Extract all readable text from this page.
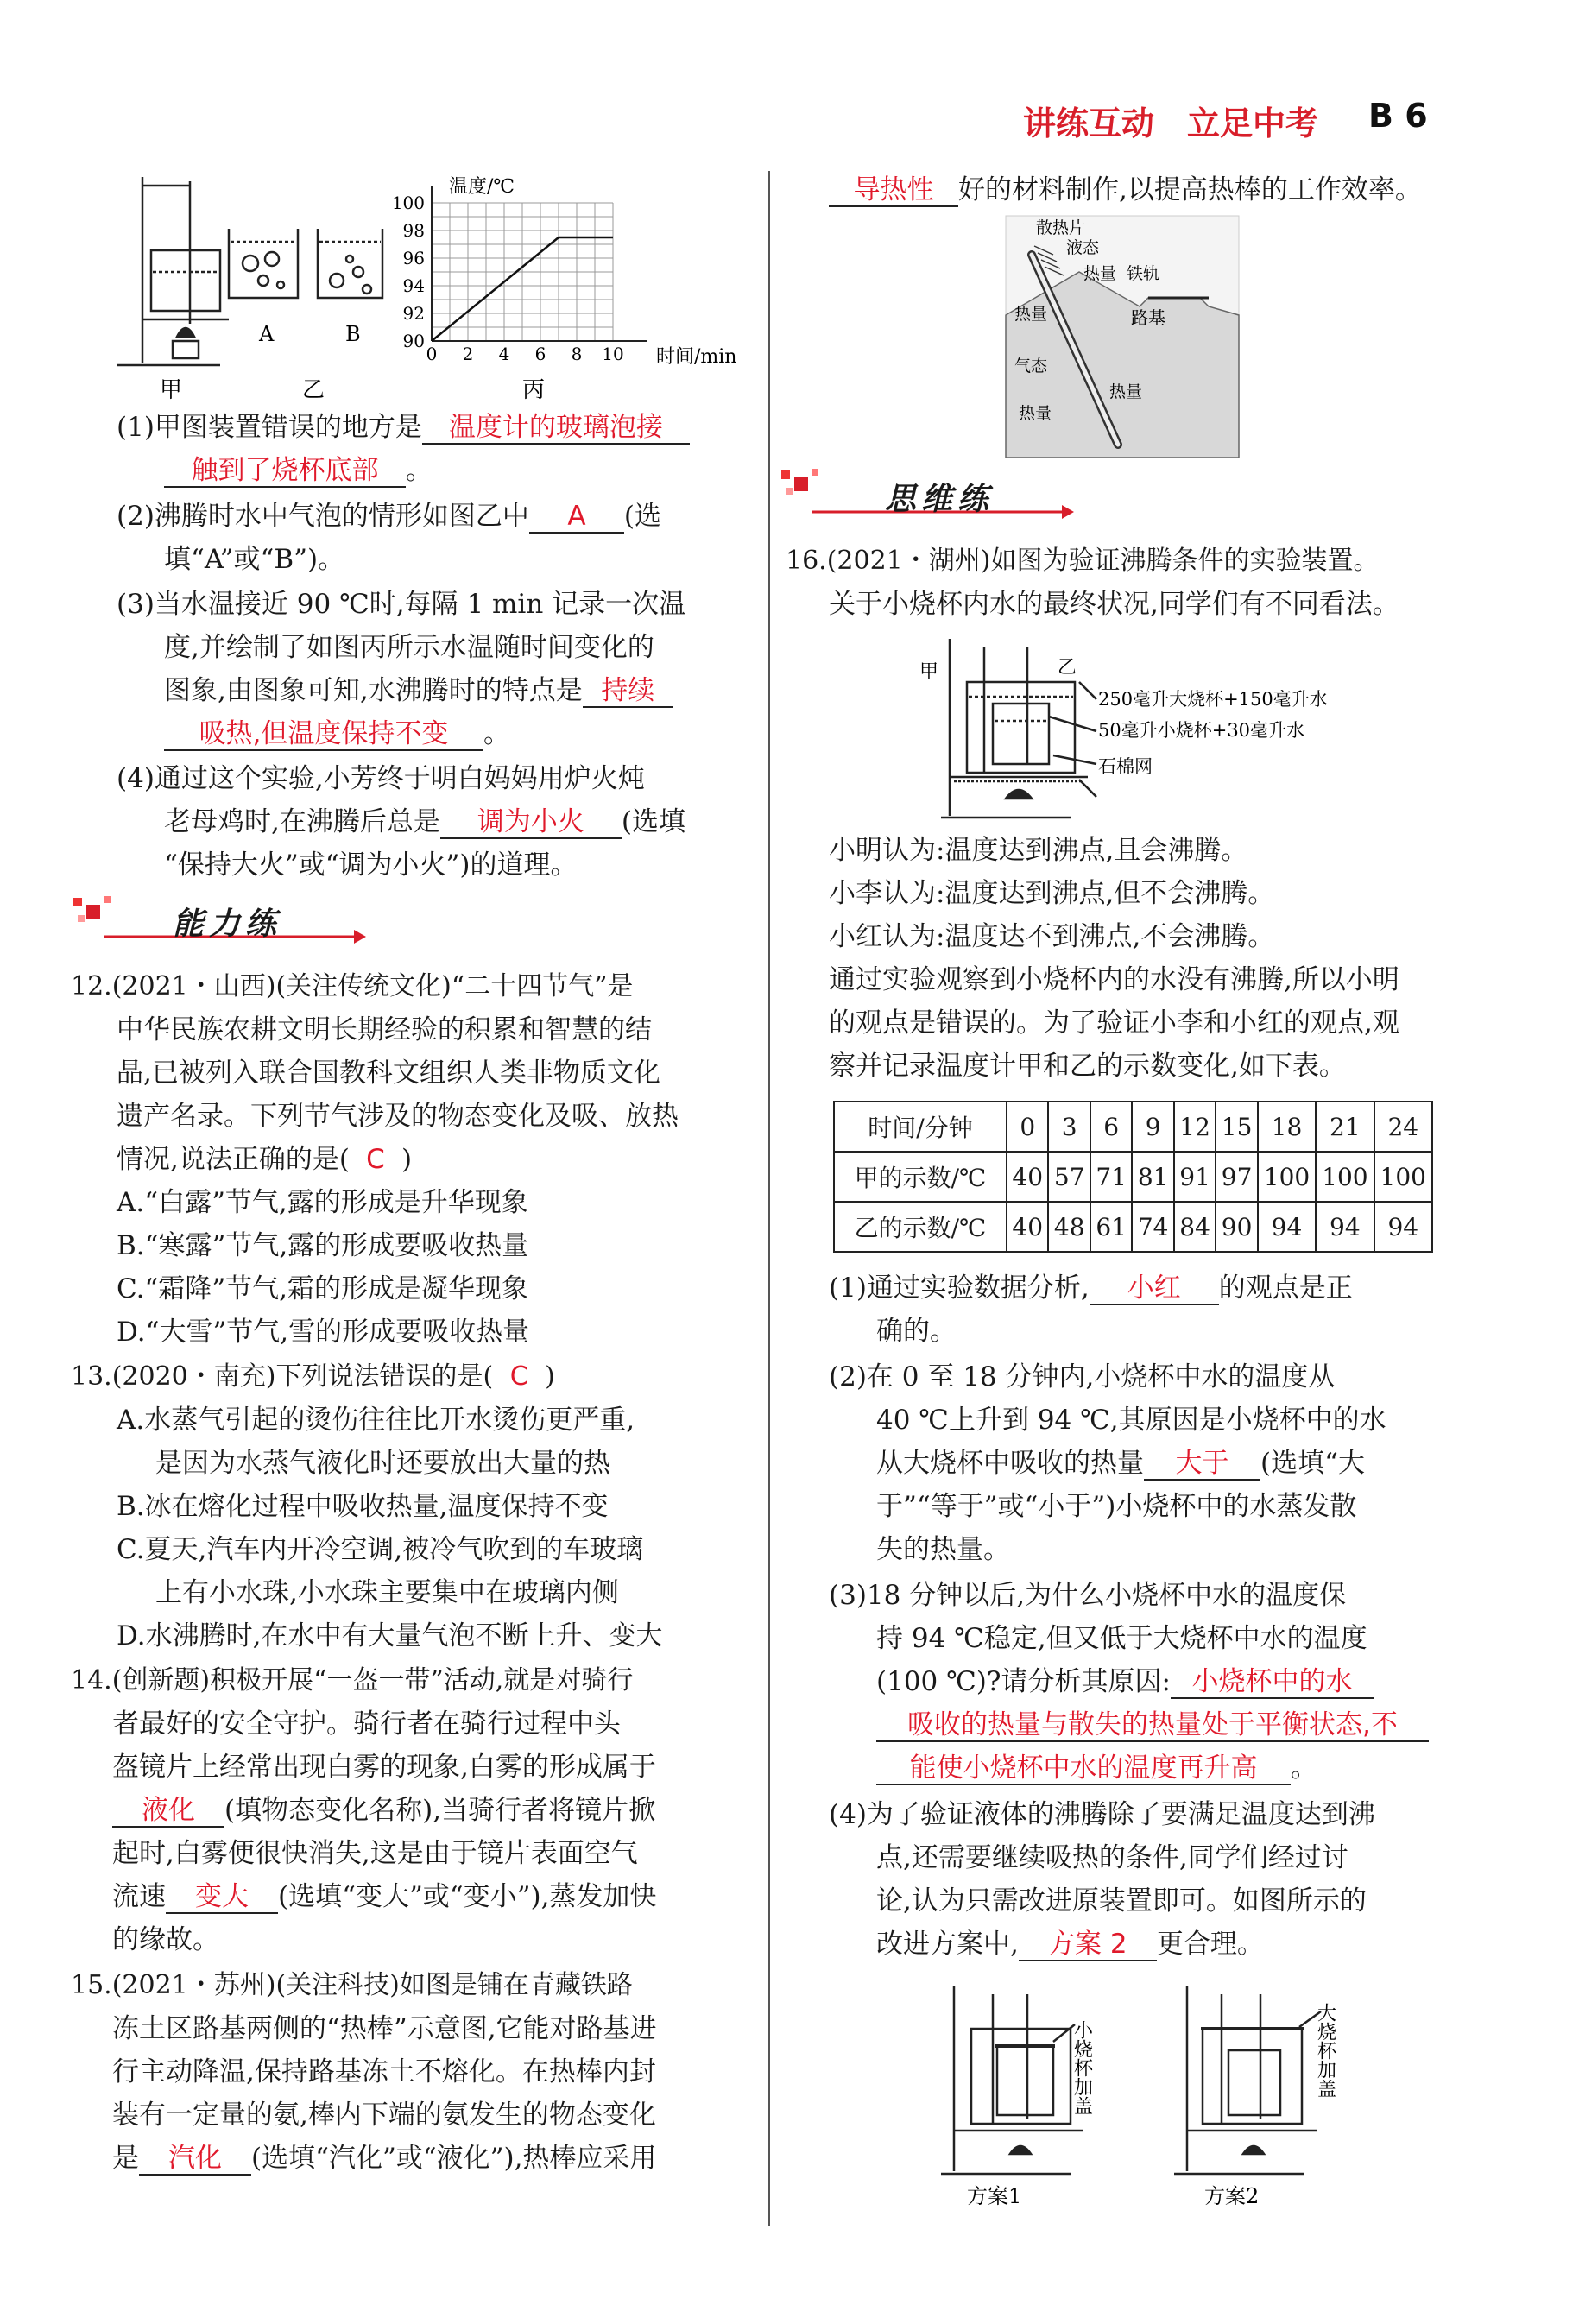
讲练互动　立足中考 B 6
A	B
甲	乙	丙
100
98
96
94
92
90
0 2 4 6 8 10
温度/℃
时间/min
(1)甲图装置错误的地方是 温度计的玻璃泡接
触到了烧杯底部 。
(2)沸腾时水中气泡的情形如图乙中 A (选
填“A”或“B”)。
(3)当水温接近 90 ℃时,每隔 1 min 记录一次温
度,并绘制了如图丙所示水温随时间变化的
图象,由图象可知,水沸腾时的特点是 持续
吸热,但温度保持不变 。
(4)通过这个实验,小芳终于明白妈妈用炉火炖
老母鸡时,在沸腾后总是 调为小火 (选填
“保持大火”或“调为小火”)的道理。
能力练
12.(2021・山西)(关注传统文化)“二十四节气”是
中华民族农耕文明长期经验的积累和智慧的结
晶,已被列入联合国教科文组织人类非物质文化
遗产名录。下列节气涉及的物态变化及吸、放热
情况,说法正确的是( C )
A.“白露”节气,露的形成是升华现象
B.“寒露”节气,露的形成要吸收热量
C.“霜降”节气,霜的形成是凝华现象
D.“大雪”节气,雪的形成要吸收热量
13.(2020・南充)下列说法错误的是( C )
A.水蒸气引起的烫伤往往比开水烫伤更严重,
是因为水蒸气液化时还要放出大量的热
B.冰在熔化过程中吸收热量,温度保持不变
C.夏天,汽车内开冷空调,被冷气吹到的车玻璃
上有小水珠,小水珠主要集中在玻璃内侧
D.水沸腾时,在水中有大量气泡不断上升、变大
14.(创新题)积极开展“一盔一带”活动,就是对骑行
者最好的安全守护。骑行者在骑行过程中头
盔镜片上经常出现白雾的现象,白雾的形成属于
液化 (填物态变化名称),当骑行者将镜片掀
起时,白雾便很快消失,这是由于镜片表面空气
流速 变大 (选填“变大”或“变小”),蒸发加快
的缘故。
15.(2021・苏州)(关注科技)如图是铺在青藏铁路
冻土区路基两侧的“热棒”示意图,它能对路基进
行主动降温,保持路基冻土不熔化。在热棒内封
装有一定量的氨,棒内下端的氨发生的物态变化
是 汽化 (选填“汽化”或“液化”),热棒应采用
导热性 好的材料制作,以提高热棒的工作效率。
散热片
液态
热量 铁轨
热量	路基
气态
热量
热量
思维练
16.(2021・湖州)如图为验证沸腾条件的实验装置。
关于小烧杯内水的最终状况,同学们有不同看法。
甲	乙
250毫升大烧杯+150毫升水
50毫升小烧杯+30毫升水
石棉网
小明认为:温度达到沸点,且会沸腾。
小李认为:温度达到沸点,但不会沸腾。
小红认为:温度达不到沸点,不会沸腾。
通过实验观察到小烧杯内的水没有沸腾,所以小明
的观点是错误的。为了验证小李和小红的观点,观
察并记录温度计甲和乙的示数变化,如下表。
时间/分钟	0	3	6	9	12	15	18	21	24
甲的示数/℃	40	57	71	81	91	97	100	100	100
乙的示数/℃	40	48	61	74	84	90	94	94	94
(1)通过实验数据分析, 小红 的观点是正
确的。
(2)在 0 至 18 分钟内,小烧杯中水的温度从
40 ℃上升到 94 ℃,其原因是小烧杯中的水
从大烧杯中吸收的热量 大于 (选填“大
于”“等于”或“小于”)小烧杯中的水蒸发散
失的热量。
(3)18 分钟以后,为什么小烧杯中水的温度保
持 94 ℃稳定,但又低于大烧杯中水的温度
(100 ℃)?请分析其原因: 小烧杯中的水
吸收的热量与散失的热量处于平衡状态,不
能使小烧杯中水的温度再升高 。
(4)为了验证液体的沸腾除了要满足温度达到沸
点,还需要继续吸热的条件,同学们经过讨
论,认为只需改进原装置即可。如图所示的
改进方案中, 方案 2 更合理。
小烧杯加盖	大烧杯加盖
方案1	方案2
